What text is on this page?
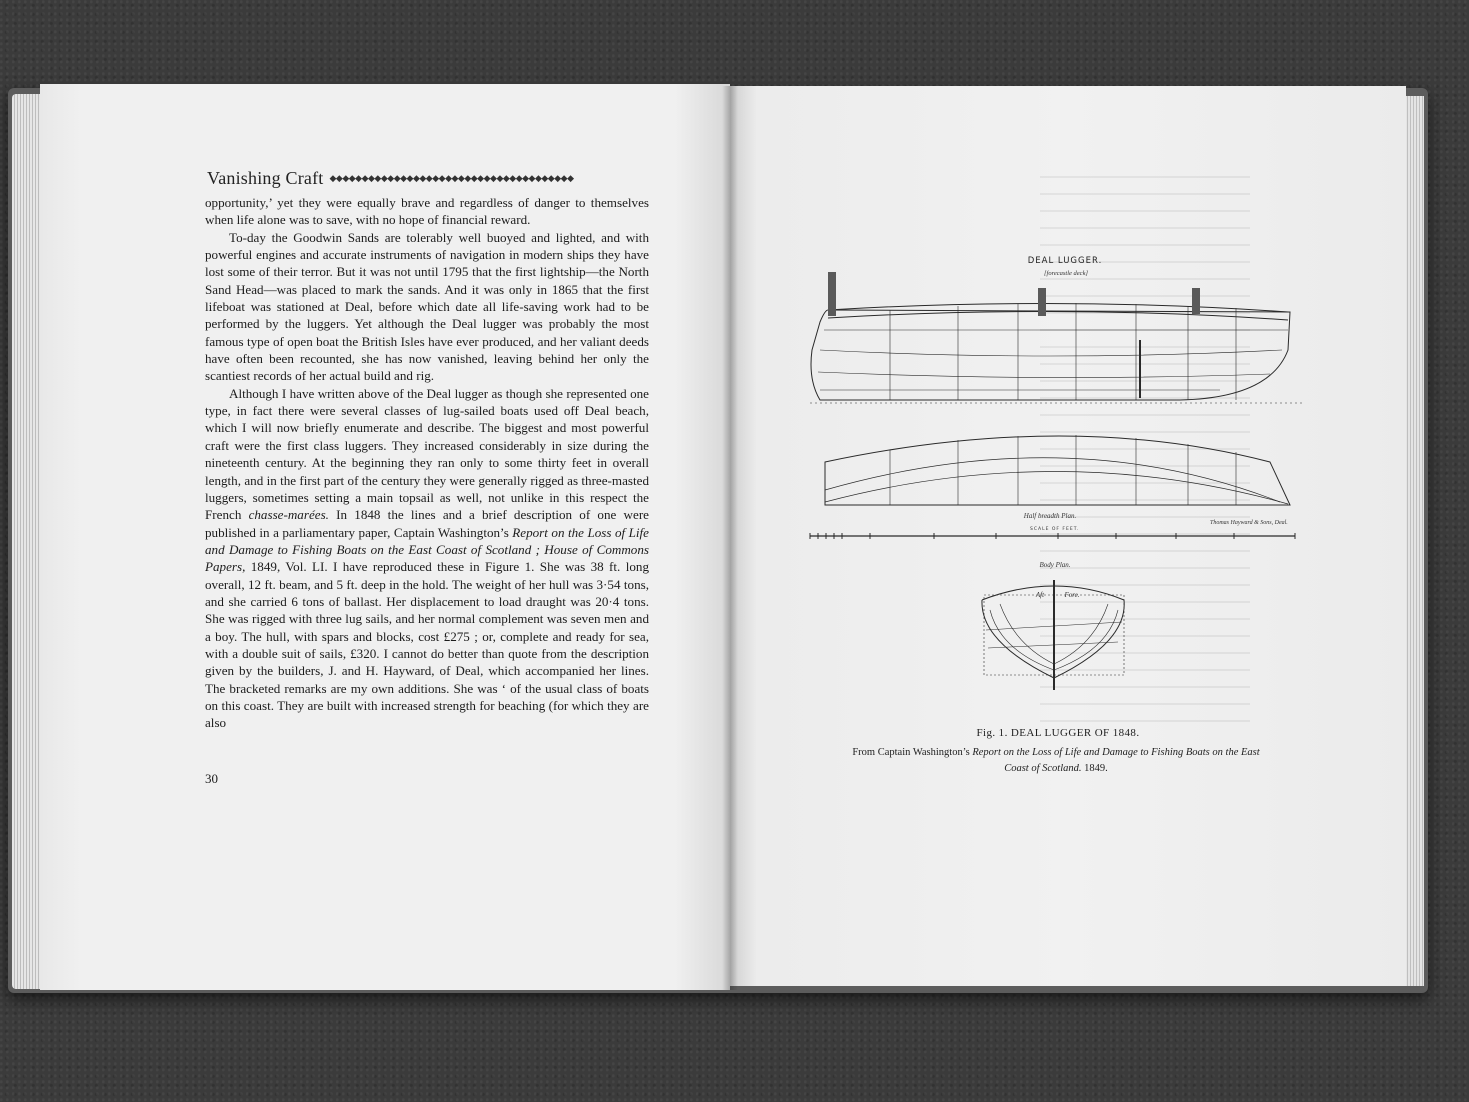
Vanishing Craft ◆◆◆◆◆◆◆◆◆◆◆◆◆◆◆◆◆◆◆◆◆◆◆◆◆◆◆◆◆◆◆◆◆◆◆◆◆◆

opportunity,’ yet they were equally brave and regardless of danger to themselves when life alone was to save, with no hope of financial reward.

To-day the Goodwin Sands are tolerably well buoyed and lighted, and with powerful engines and accurate instruments of navigation in modern ships they have lost some of their terror. But it was not until 1795 that the first lightship—the North Sand Head—was placed to mark the sands. And it was only in 1865 that the first lifeboat was stationed at Deal, before which date all life-saving work had to be performed by the luggers. Yet although the Deal lugger was probably the most famous type of open boat the British Isles have ever produced, and her valiant deeds have often been recounted, she has now vanished, leaving behind her only the scantiest records of her actual build and rig.

Although I have written above of the Deal lugger as though she represented one type, in fact there were several classes of lug-sailed boats used off Deal beach, which I will now briefly enumerate and describe. The biggest and most powerful craft were the first class luggers. They increased considerably in size during the nineteenth century. At the beginning they ran only to some thirty feet in overall length, and in the first part of the century they were generally rigged as three-masted luggers, sometimes setting a main topsail as well, not unlike in this respect the French chasse-marées. In 1848 the lines and a brief description of one were published in a parliamentary paper, Captain Washington’s Report on the Loss of Life and Damage to Fishing Boats on the East Coast of Scotland ; House of Commons Papers, 1849, Vol. LI. I have reproduced these in Figure 1. She was 38 ft. long overall, 12 ft. beam, and 5 ft. deep in the hold. The weight of her hull was 3·54 tons, and she carried 6 tons of ballast. Her displacement to load draught was 20·4 tons. She was rigged with three lug sails, and her normal complement was seven men and a boy. The hull, with spars and blocks, cost £275 ; or, complete and ready for sea, with a double suit of sails, £320. I cannot do better than quote from the description given by the builders, J. and H. Hayward, of Deal, which accompanied her lines. The bracketed remarks are my own additions. She was ‘ of the usual class of boats on this coast. They are built with increased strength for beaching (for which they are also

30
DEAL LUGGER.
[forecastle deck]
Half breadth Plan.
SCALE OF FEET.
Thomas Hayward & Sons, Deal.
Body Plan.
Aft	Fore.
Fig. 1. DEAL LUGGER OF 1848.
From Captain Washington’s Report on the Loss of Life and Damage to Fishing Boats on the East Coast of Scotland. 1849.
